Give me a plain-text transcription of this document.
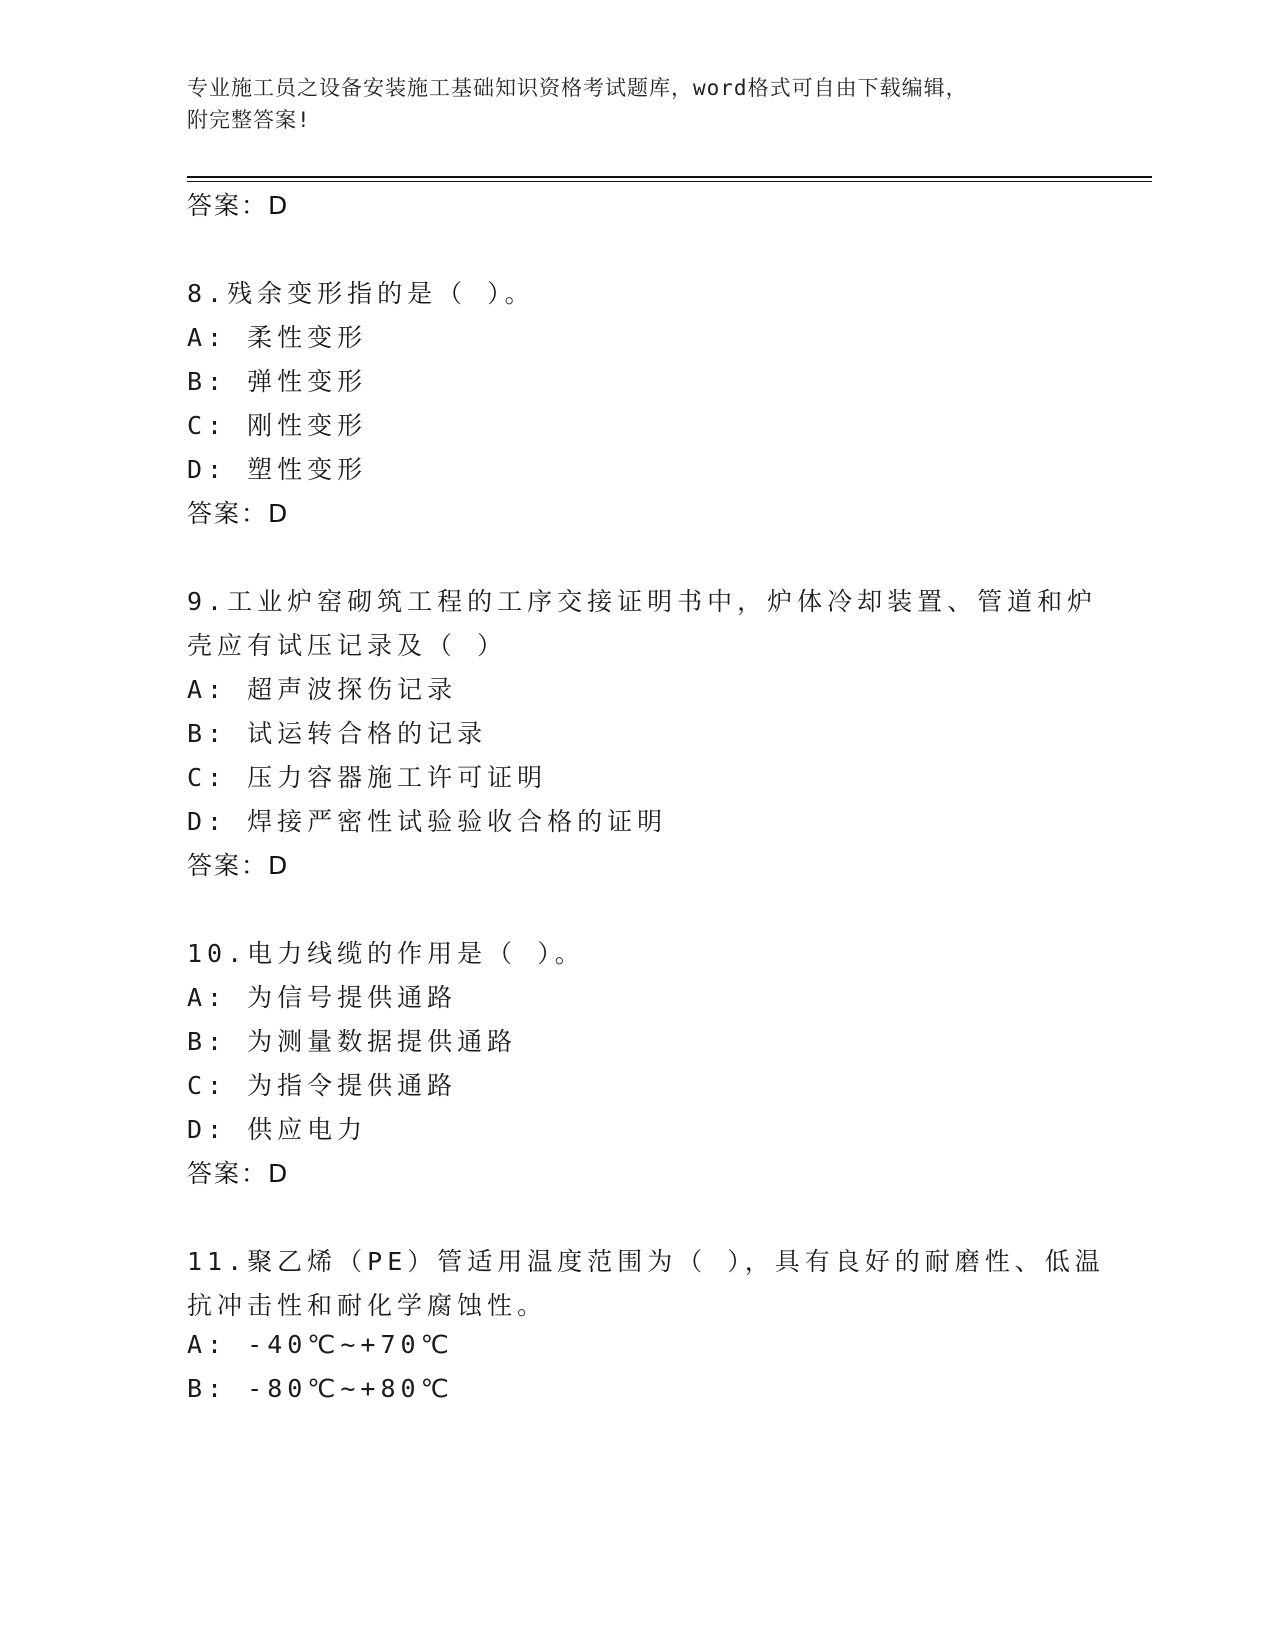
专业施工员之设备安装施工基础知识资格考试题库，word格式可自由下载编辑，
附完整答案!
答案：D
8.残余变形指的是（ ）。
A: 柔性变形
B: 弹性变形
C: 刚性变形
D: 塑性变形
答案：D
9.工业炉窑砌筑工程的工序交接证明书中，炉体冷却装置、管道和炉
壳应有试压记录及（ ）
A: 超声波探伤记录
B: 试运转合格的记录
C: 压力容器施工许可证明
D: 焊接严密性试验验收合格的证明
答案：D
10.电力线缆的作用是（ ）。
A: 为信号提供通路
B: 为测量数据提供通路
C: 为指令提供通路
D: 供应电力
答案：D
11.聚乙烯（PE）管适用温度范围为（ ），具有良好的耐磨性、低温
抗冲击性和耐化学腐蚀性。
A: -40℃~+70℃
B: -80℃~+80℃
